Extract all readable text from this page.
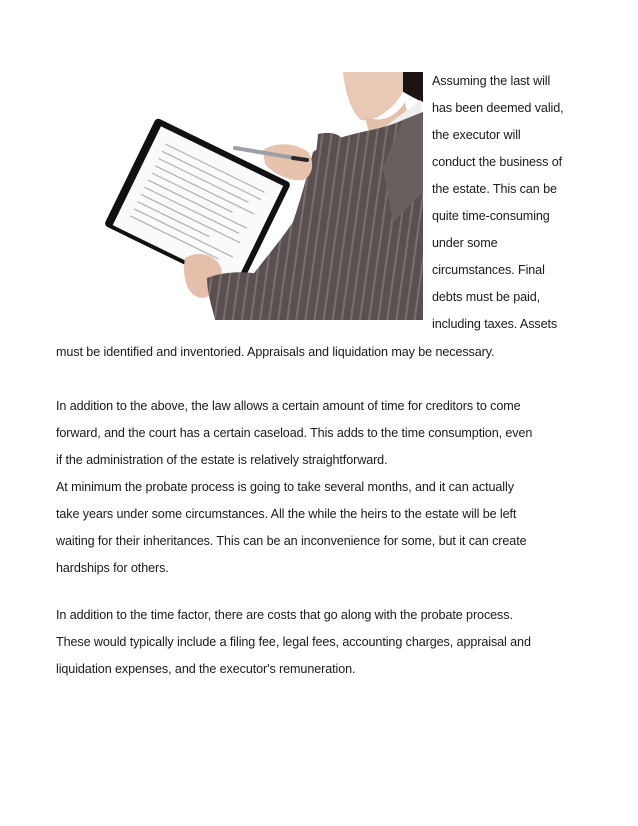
Assuming the last will
has been deemed valid,
the executor will
conduct the business of
the estate. This can be
quite time-consuming
under some
circumstances. Final
debts must be paid,
including taxes. Assets
must be identified and inventoried. Appraisals and liquidation may be necessary.
In addition to the above, the law allows a certain amount of time for creditors to come
forward, and the court has a certain caseload. This adds to the time consumption, even
if the administration of the estate is relatively straightforward.
At minimum the probate process is going to take several months, and it can actually
take years under some circumstances. All the while the heirs to the estate will be left
waiting for their inheritances. This can be an inconvenience for some, but it can create
hardships for others.
In addition to the time factor, there are costs that go along with the probate process.
These would typically include a filing fee, legal fees, accounting charges, appraisal and
liquidation expenses, and the executor's remuneration.
